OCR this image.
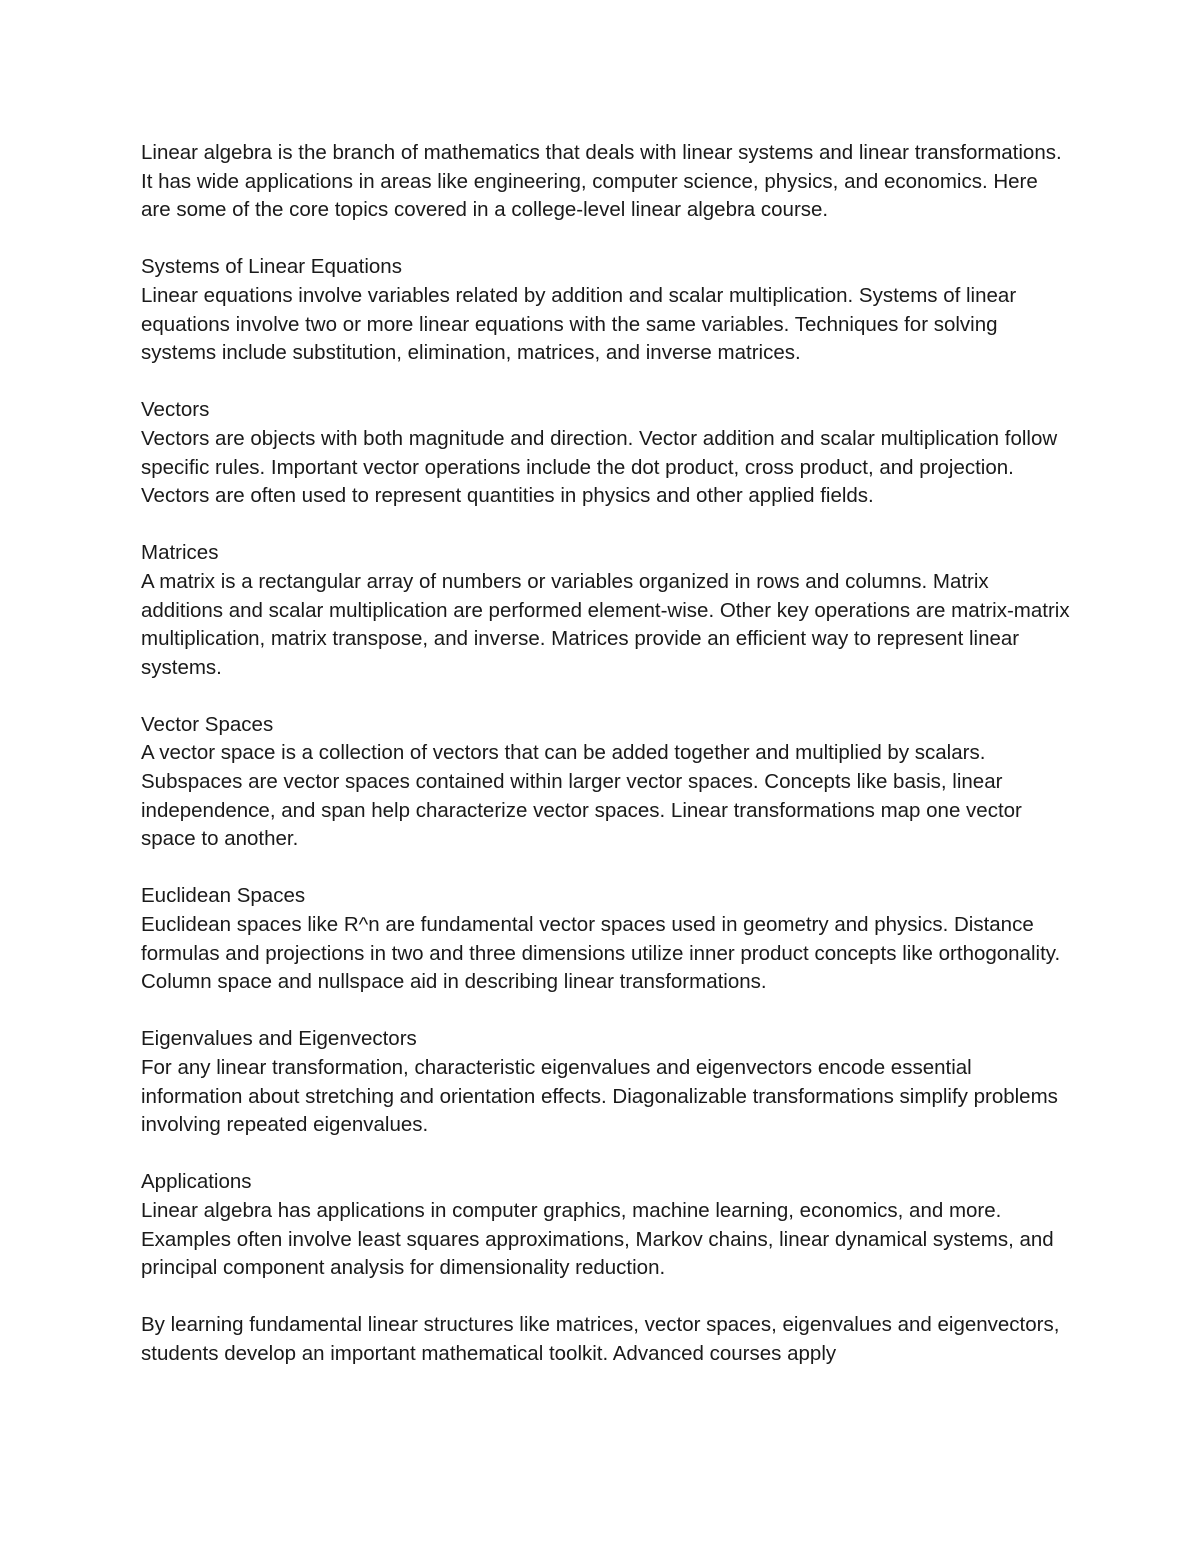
Linear algebra is the branch of mathematics that deals with linear systems and linear transformations. It has wide applications in areas like engineering, computer science, physics, and economics. Here are some of the core topics covered in a college-level linear algebra course.

Systems of Linear Equations
Linear equations involve variables related by addition and scalar multiplication. Systems of linear equations involve two or more linear equations with the same variables. Techniques for solving systems include substitution, elimination, matrices, and inverse matrices.
Vectors
Vectors are objects with both magnitude and direction. Vector addition and scalar multiplication follow specific rules. Important vector operations include the dot product, cross product, and projection. Vectors are often used to represent quantities in physics and other applied fields.
Matrices
A matrix is a rectangular array of numbers or variables organized in rows and columns. Matrix additions and scalar multiplication are performed element-wise. Other key operations are matrix-matrix multiplication, matrix transpose, and inverse. Matrices provide an efficient way to represent linear systems.
Vector Spaces
A vector space is a collection of vectors that can be added together and multiplied by scalars. Subspaces are vector spaces contained within larger vector spaces. Concepts like basis, linear independence, and span help characterize vector spaces. Linear transformations map one vector space to another.
Euclidean Spaces
Euclidean spaces like R^n are fundamental vector spaces used in geometry and physics. Distance formulas and projections in two and three dimensions utilize inner product concepts like orthogonality. Column space and nullspace aid in describing linear transformations.
Eigenvalues and Eigenvectors
For any linear transformation, characteristic eigenvalues and eigenvectors encode essential information about stretching and orientation effects. Diagonalizable transformations simplify problems involving repeated eigenvalues.
Applications
Linear algebra has applications in computer graphics, machine learning, economics, and more. Examples often involve least squares approximations, Markov chains, linear dynamical systems, and principal component analysis for dimensionality reduction.

By learning fundamental linear structures like matrices, vector spaces, eigenvalues and eigenvectors, students develop an important mathematical toolkit. Advanced courses apply
